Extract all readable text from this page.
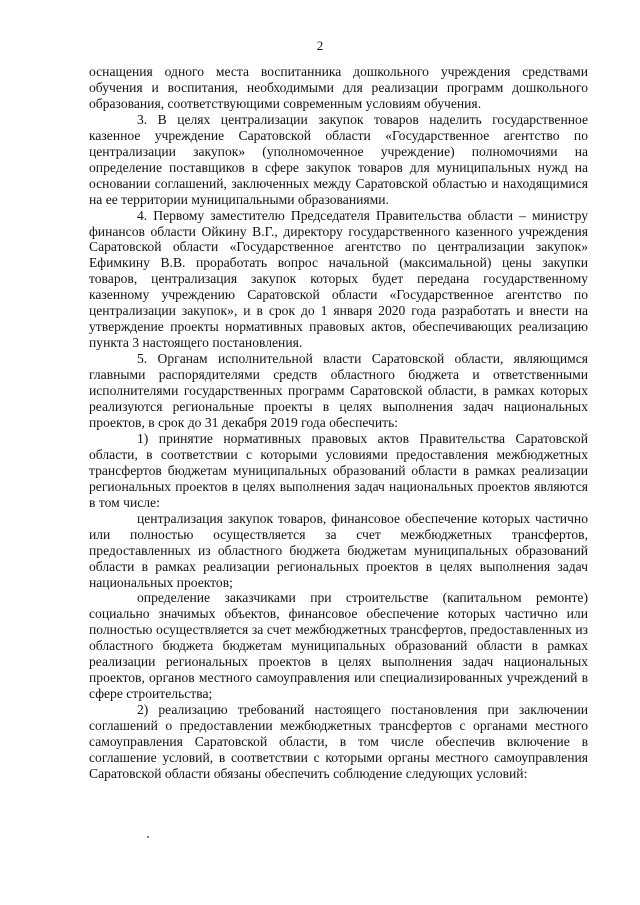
2

оснащения одного места воспитанника дошкольного учреждения средствами обучения и воспитания, необходимыми для реализации программ дошкольного образования, соответствующими современным условиям обучения.

3. В целях централизации закупок товаров наделить государственное казенное учреждение Саратовской области «Государственное агентство по централизации закупок» (уполномоченное учреждение) полномочиями на определение поставщиков в сфере закупок товаров для муниципальных нужд на основании соглашений, заключенных между Саратовской областью и находящимися на ее территории муниципальными образованиями.

4. Первому заместителю Председателя Правительства области – министру финансов области Ойкину В.Г., директору государственного казенного учреждения Саратовской области «Государственное агентство по централизации закупок» Ефимкину В.В. проработать вопрос начальной (максимальной) цены закупки товаров, централизация закупок которых будет передана государственному казенному учреждению Саратовской области «Государственное агентство по централизации закупок», и в срок до 1 января 2020 года разработать и внести на утверждение проекты нормативных правовых актов, обеспечивающих реализацию пункта 3 настоящего постановления.

5. Органам исполнительной власти Саратовской области, являющимся главными распорядителями средств областного бюджета и ответственными исполнителями государственных программ Саратовской области, в рамках которых реализуются региональные проекты в целях выполнения задач национальных проектов, в срок до 31 декабря 2019 года обеспечить:

1) принятие нормативных правовых актов Правительства Саратовской области, в соответствии с которыми условиями предоставления межбюджетных трансфертов бюджетам муниципальных образований области в рамках реализации региональных проектов в целях выполнения задач национальных проектов являются в том числе:

централизация закупок товаров, финансовое обеспечение которых частично или полностью осуществляется за счет межбюджетных трансфертов, предоставленных из областного бюджета бюджетам муниципальных образований области в рамках реализации региональных проектов в целях выполнения задач национальных проектов;

определение заказчиками при строительстве (капитальном ремонте) социально значимых объектов, финансовое обеспечение которых частично или полностью осуществляется за счет межбюджетных трансфертов, предоставленных из областного бюджета бюджетам муниципальных образований области в рамках реализации региональных проектов в целях выполнения задач национальных проектов, органов местного самоуправления или специализированных учреждений в сфере строительства;

2) реализацию требований настоящего постановления при заключении соглашений о предоставлении межбюджетных трансфертов с органами местного самоуправления Саратовской области, в том числе обеспечив включение в соглашение условий, в соответствии с которыми органы местного самоуправления Саратовской области обязаны обеспечить соблюдение следующих условий:
